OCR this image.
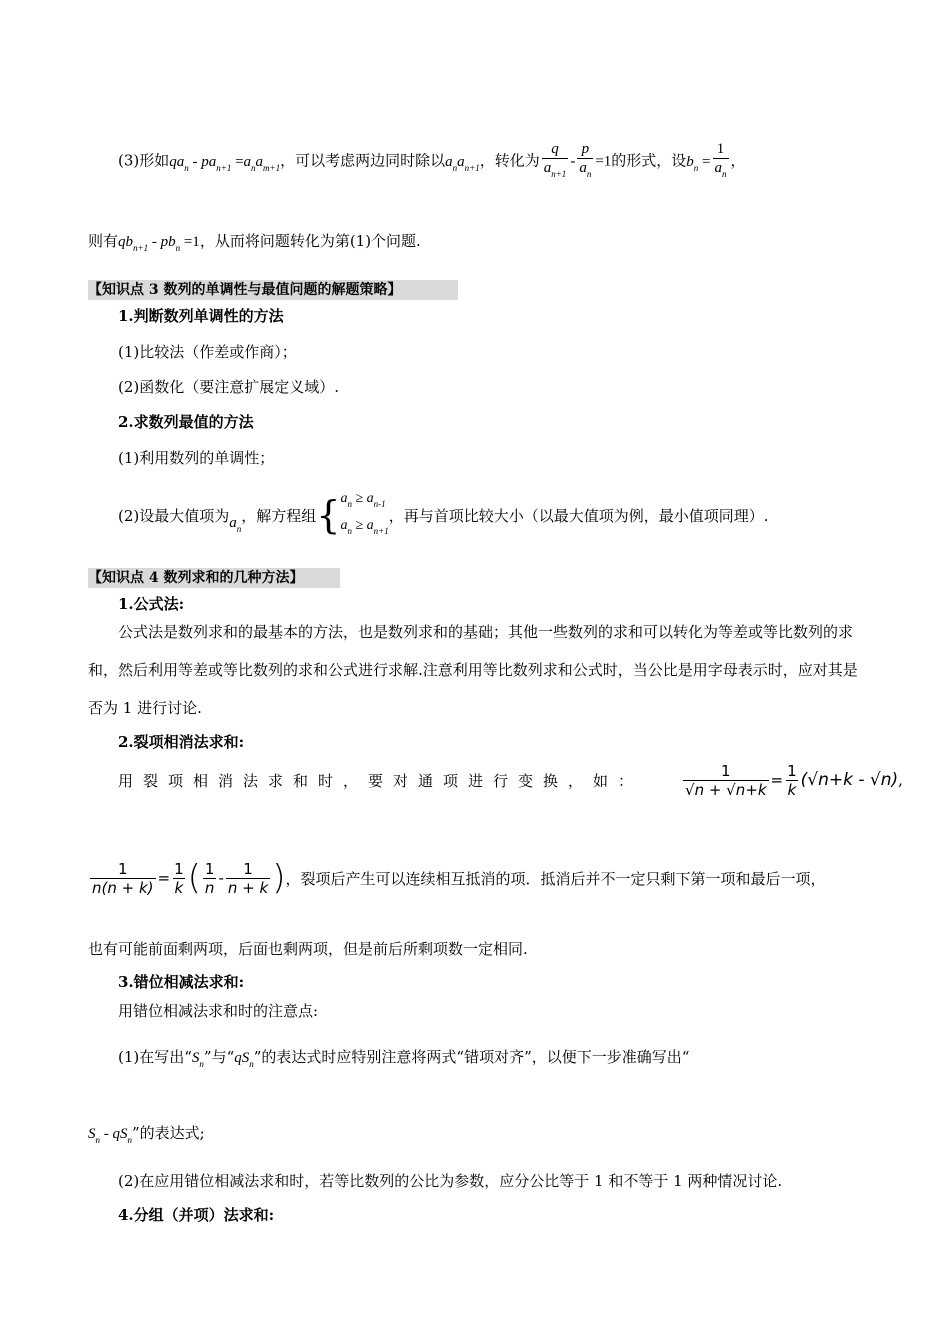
(3)形如$qa_n - pa_{n+1} =a_na_{m+1}$，可以考虑两边同时除以$a_na_{n+1}$，转化为 $\frac{q}{a_{n+1}} - \frac{p}{a_n} =1$的形式，设$b_n = \frac{1}{a_n}$ ，
则有$qb_{n+1} - pb_n =1$，从而将问题转化为第(1)个问题.
【知识点 3 数列的单调性与最值问题的解题策略】
1.判断数列单调性的方法
(1)比较法（作差或作商）；
(2)函数化（要注意扩展定义域）.
2.求数列最值的方法
(1)利用数列的单调性；
(2)设最大值项为 $a_n$
，解方程组 { $a_n \ge a_{n-1}$
$a_n \ge a_{n+1}$
，再与首项比较大小（以最大值项为例，最小值项同理）.
【知识点 4 数列求和的几种方法】
1.公式法:
公式法是数列求和的最基本的方法，也是数列求和的基础；其他一些数列的求和可以转化为等差或等比数列的求和，然后利用等差或等比数列的求和公式进行求解.注意利用等比数列求和公式时，当公比是用字母表示时，应对其是否为 1 进行讨论.
2.裂项相消法求和:
用裂项相消法求和时，要对通项进行变换，如：	$\frac{1}{√n + √n+k} = \frac{1}{k} (√n+k - √n)$ ,
$\frac{1}{n(n + k)} = \frac{1}{k}$ ( $\frac{1}{n} - \frac{1}{n + k}$ ) ，裂项后产生可以连续相互抵消的项．抵消后并不一定只剩下第一项和最后一项，
也有可能前面剩两项，后面也剩两项，但是前后所剩项数一定相同.
3.错位相减法求和:
用错位相减法求和时的注意点:
(1)在写出“$S_n$”与“$qS_n$”的表达式时应特别注意将两式“错项对齐”，以便下一步准确写出“
$S_n - qS_n$”的表达式;
(2)在应用错位相减法求和时，若等比数列的公比为参数，应分公比等于 1 和不等于 1 两种情况讨论.
4.分组（并项）法求和:
